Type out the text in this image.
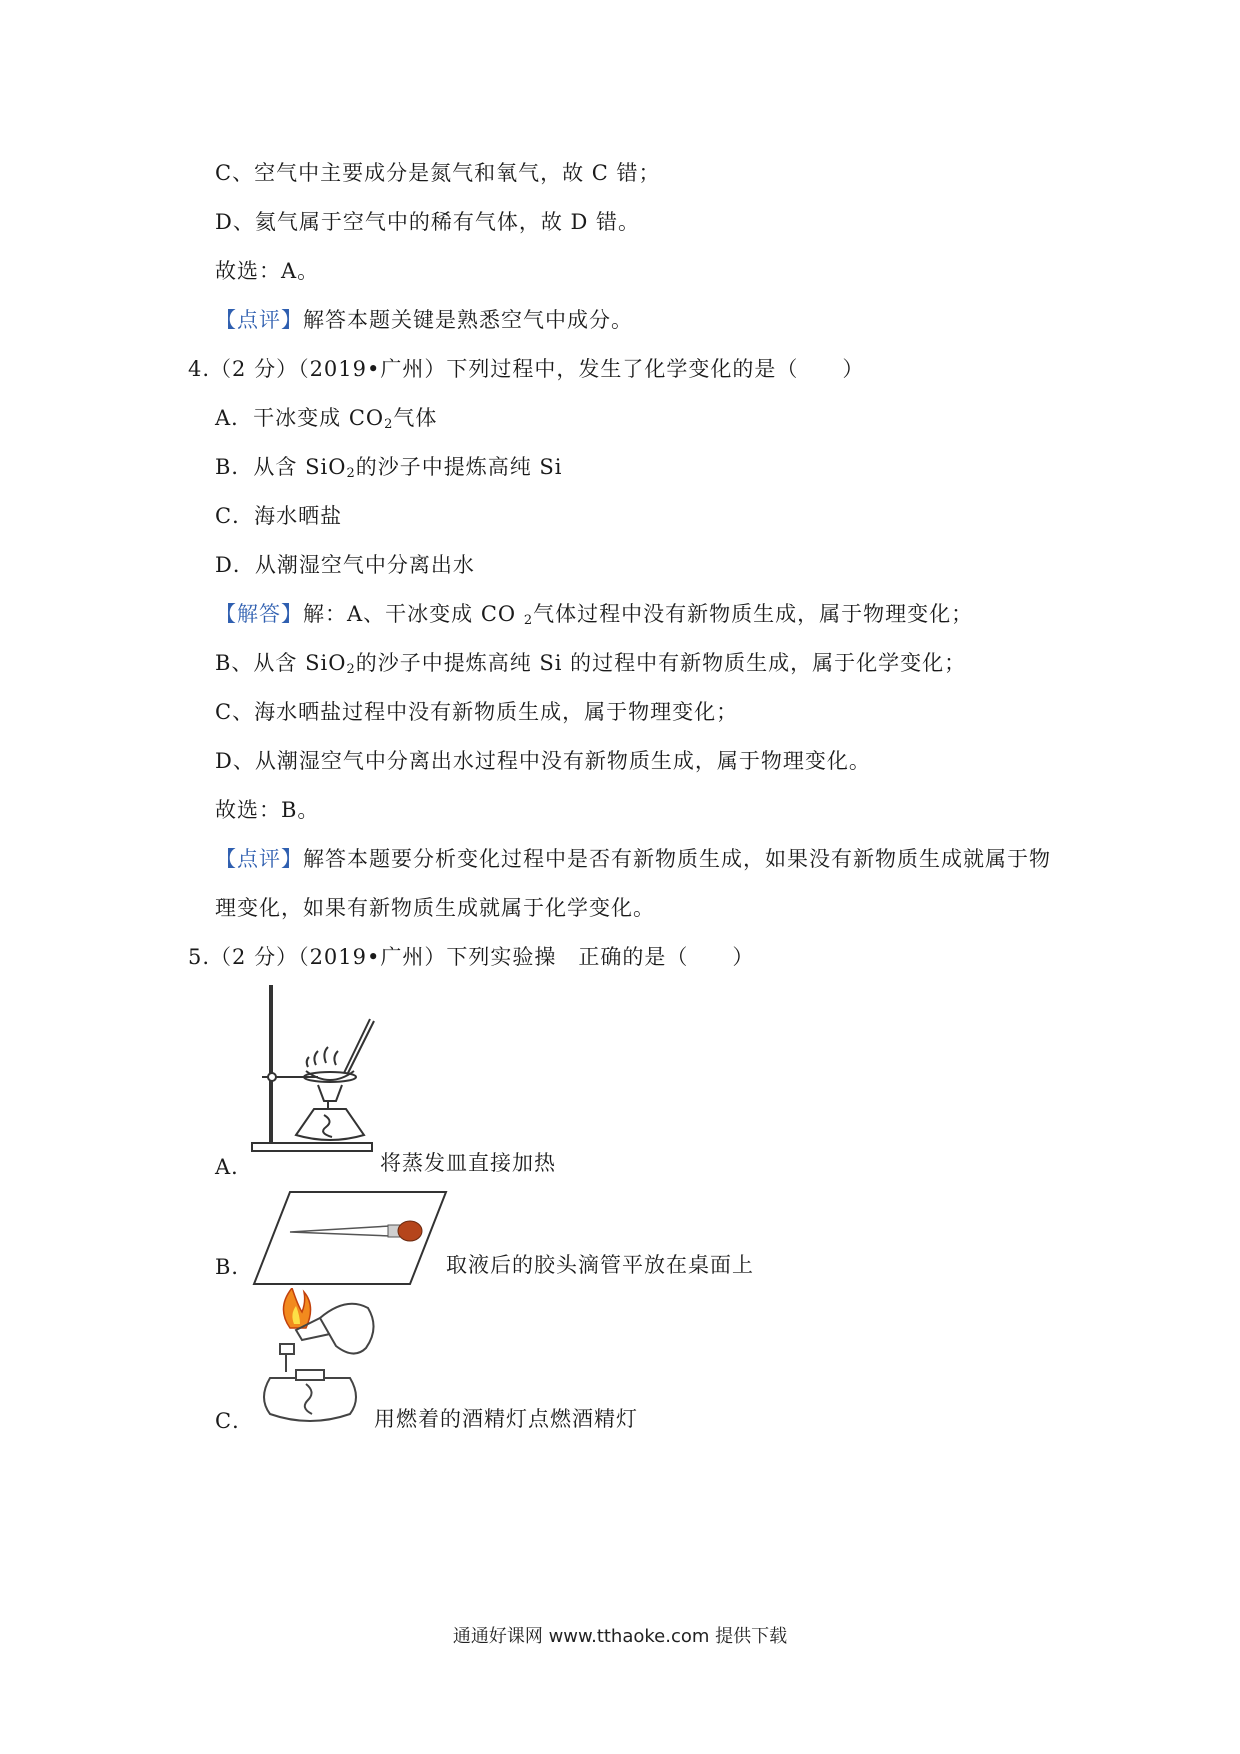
C、空气中主要成分是氮气和氧气，故 C 错；
D、氦气属于空气中的稀有气体，故 D 错。
故选：A。
【点评】解答本题关键是熟悉空气中成分。
4.（2 分）（2019•广州）下列过程中，发生了化学变化的是（　　）
A．干冰变成 $CO_2$气体
B．从含 SiO$_2$的沙子中提炼高纯 Si
C．海水晒盐
D．从潮湿空气中分离出水
【解答】解：A、干冰变成 CO $_2$气体过程中没有新物质生成，属于物理变化；
B、从含 SiO$_2$的沙子中提炼高纯 Si 的过程中有新物质生成，属于化学变化；
C、海水晒盐过程中没有新物质生成，属于物理变化；
D、从潮湿空气中分离出水过程中没有新物质生成，属于物理变化。
故选：B。
【点评】解答本题要分析变化过程中是否有新物质生成，如果没有新物质生成就属于物
理变化，如果有新物质生成就属于化学变化。
5.（2 分）（2019•广州）下列实验操　正确的是（　　）
A．	将蒸发皿直接加热
B．	取液后的胶头滴管平放在桌面上
C．	用燃着的酒精灯点燃酒精灯
通通好课网 www.tthaoke.com 提供下载
